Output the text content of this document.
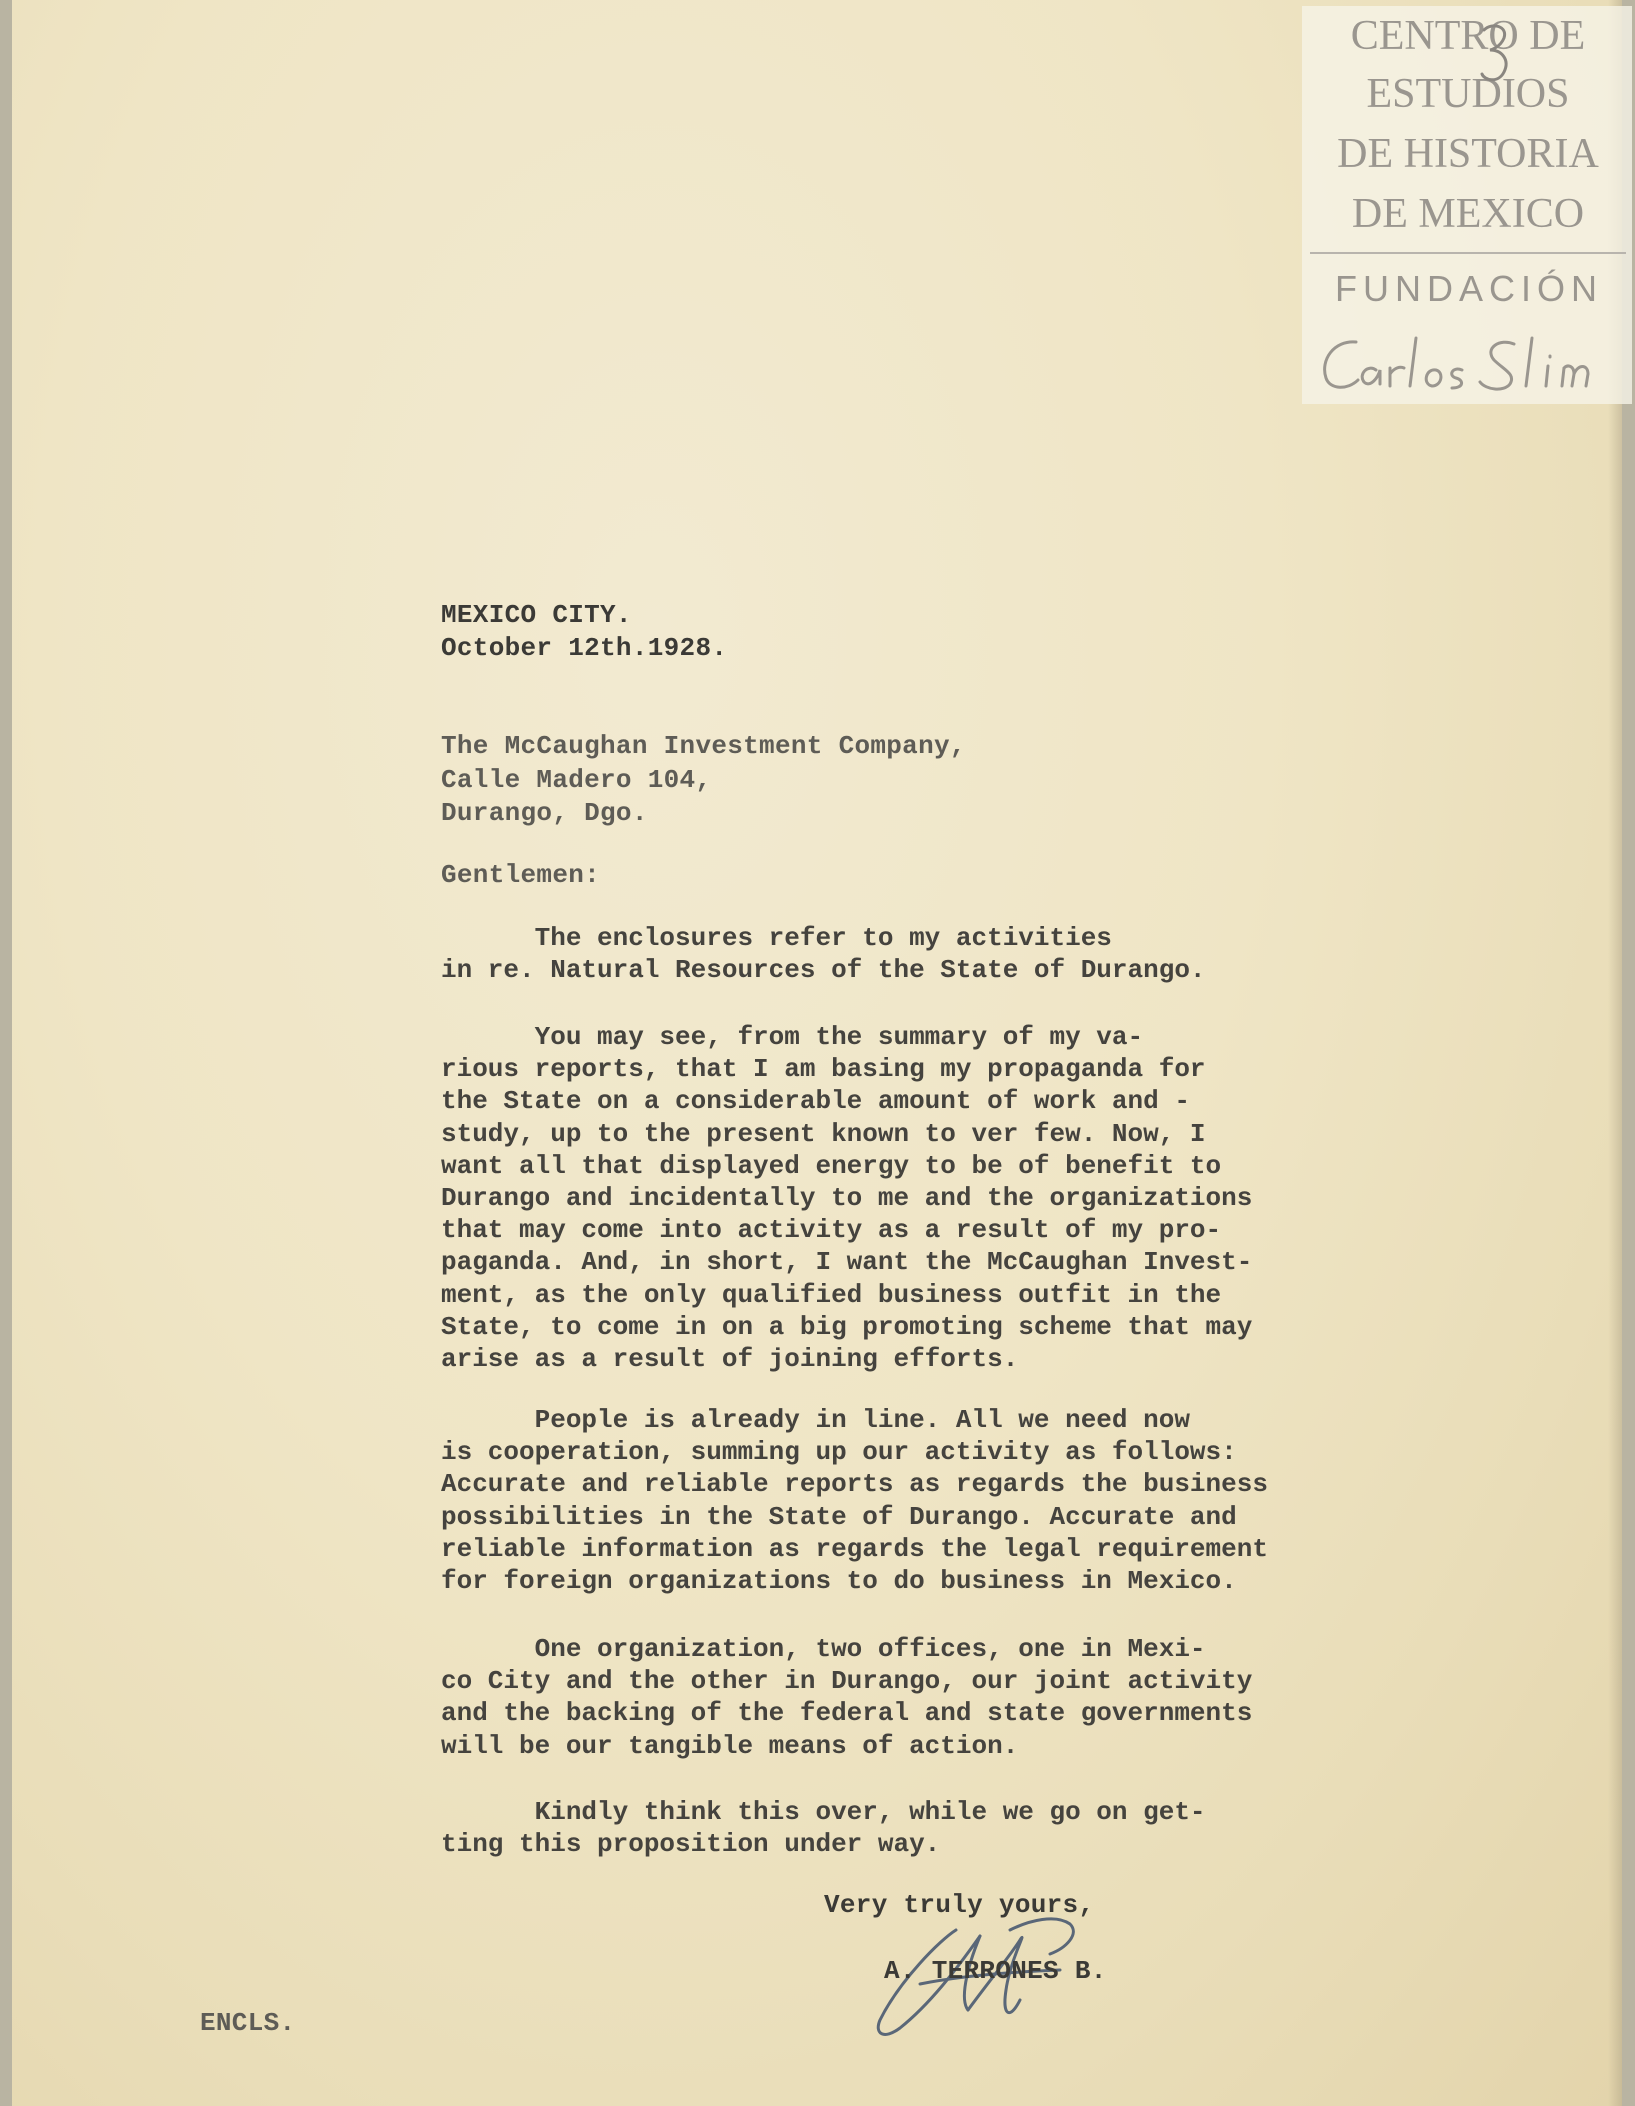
CENTRO DE
ESTUDIOS
DE HISTORIA
DE MEXICO
FUNDACIÓN
MEXICO CITY.
October 12th.1928.
The McCaughan Investment Company,
Calle Madero 104,
Durango, Dgo.
Gentlemen:
The enclosures refer to my activities
in re. Natural Resources of the State of Durango.
You may see, from the summary of my va-
rious reports, that I am basing my propaganda for
the State on a considerable amount of work and -
study, up to the present known to ver few. Now, I
want all that displayed energy to be of benefit to
Durango and incidentally to me and the organizations
that may come into activity as a result of my pro-
paganda. And, in short, I want the McCaughan Invest-
ment, as the only qualified business outfit in the
State, to come in on a big promoting scheme that may
arise as a result of joining efforts.
People is already in line. All we need now
is cooperation, summing up our activity as follows:
Accurate and reliable reports as regards the business
possibilities in the State of Durango. Accurate and
reliable information as regards the legal requirement
for foreign organizations to do business in Mexico.
One organization, two offices, one in Mexi-
co City and the other in Durango, our joint activity
and the backing of the federal and state governments
will be our tangible means of action.
Kindly think this over, while we go on get-
ting this proposition under way.
Very truly yours,
A. TERRONES B.
ENCLS.
